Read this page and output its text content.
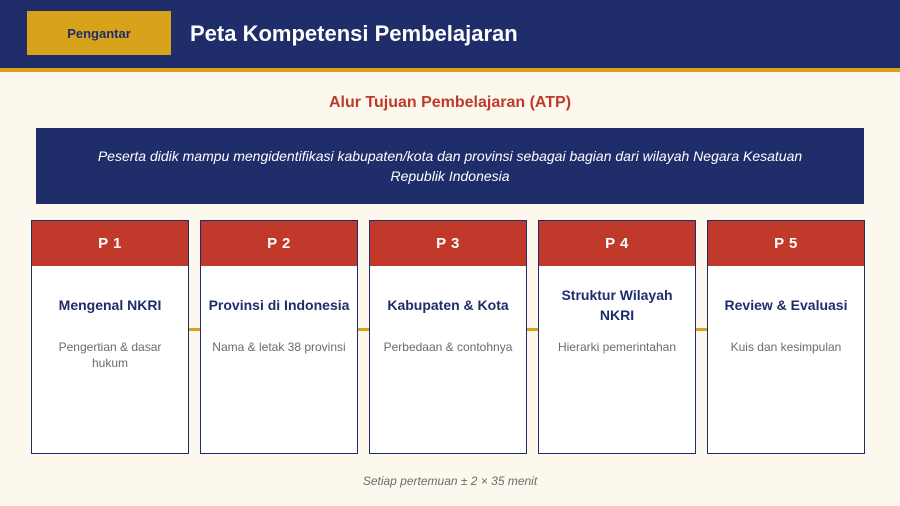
Pengantar	Peta Kompetensi Pembelajaran
Alur Tujuan Pembelajaran (ATP)
Peserta didik mampu mengidentifikasi kabupaten/kota dan provinsi sebagai bagian dari wilayah Negara Kesatuan Republik Indonesia
P 1
Mengenal NKRI
Pengertian & dasar hukum
P 2
Provinsi di Indonesia
Nama & letak 38 provinsi
P 3
Kabupaten & Kota
Perbedaan & contohnya
P 4
Struktur Wilayah NKRI
Hierarki pemerintahan
P 5
Review & Evaluasi
Kuis dan kesimpulan
Setiap pertemuan ± 2 × 35 menit
